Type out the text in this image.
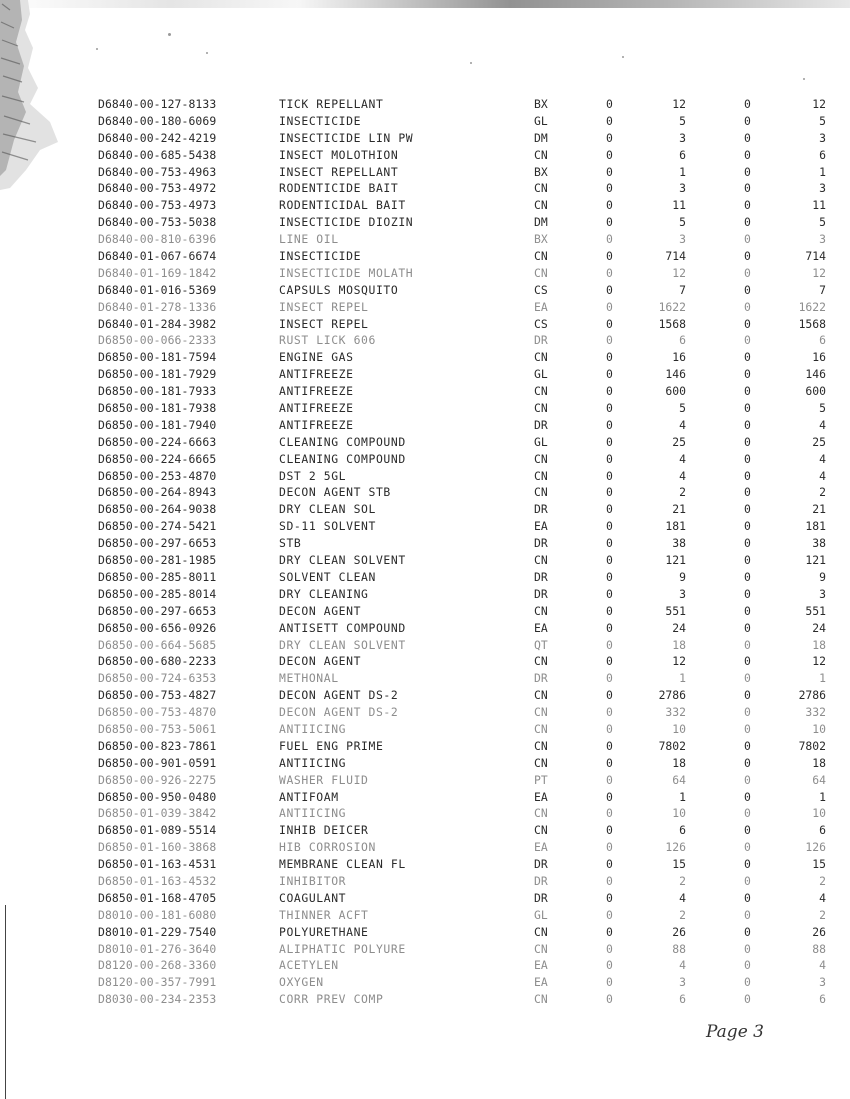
D6840-00-127-8133	TICK REPELLANT	BX	0	12	0	12
D6840-00-180-6069	INSECTICIDE	GL	0	5	0	5
D6840-00-242-4219	INSECTICIDE LIN PW	DM	0	3	0	3
D6840-00-685-5438	INSECT MOLOTHION	CN	0	6	0	6
D6840-00-753-4963	INSECT REPELLANT	BX	0	1	0	1
D6840-00-753-4972	RODENTICIDE BAIT	CN	0	3	0	3
D6840-00-753-4973	RODENTICIDAL BAIT	CN	0	11	0	11
D6840-00-753-5038	INSECTICIDE DIOZIN	DM	0	5	0	5
D6840-00-810-6396	LINE OIL	BX	0	3	0	3
D6840-01-067-6674	INSECTICIDE	CN	0	714	0	714
D6840-01-169-1842	INSECTICIDE MOLATH	CN	0	12	0	12
D6840-01-016-5369	CAPSULS MOSQUITO	CS	0	7	0	7
D6840-01-278-1336	INSECT REPEL	EA	0	1622	0	1622
D6840-01-284-3982	INSECT REPEL	CS	0	1568	0	1568
D6850-00-066-2333	RUST LICK 606	DR	0	6	0	6
D6850-00-181-7594	ENGINE GAS	CN	0	16	0	16
D6850-00-181-7929	ANTIFREEZE	GL	0	146	0	146
D6850-00-181-7933	ANTIFREEZE	CN	0	600	0	600
D6850-00-181-7938	ANTIFREEZE	CN	0	5	0	5
D6850-00-181-7940	ANTIFREEZE	DR	0	4	0	4
D6850-00-224-6663	CLEANING COMPOUND	GL	0	25	0	25
D6850-00-224-6665	CLEANING COMPOUND	CN	0	4	0	4
D6850-00-253-4870	DST 2 5GL	CN	0	4	0	4
D6850-00-264-8943	DECON AGENT STB	CN	0	2	0	2
D6850-00-264-9038	DRY CLEAN SOL	DR	0	21	0	21
D6850-00-274-5421	SD-11 SOLVENT	EA	0	181	0	181
D6850-00-297-6653	STB	DR	0	38	0	38
D6850-00-281-1985	DRY CLEAN SOLVENT	CN	0	121	0	121
D6850-00-285-8011	SOLVENT CLEAN	DR	0	9	0	9
D6850-00-285-8014	DRY CLEANING	DR	0	3	0	3
D6850-00-297-6653	DECON AGENT	CN	0	551	0	551
D6850-00-656-0926	ANTISETT COMPOUND	EA	0	24	0	24
D6850-00-664-5685	DRY CLEAN SOLVENT	QT	0	18	0	18
D6850-00-680-2233	DECON AGENT	CN	0	12	0	12
D6850-00-724-6353	METHONAL	DR	0	1	0	1
D6850-00-753-4827	DECON AGENT DS-2	CN	0	2786	0	2786
D6850-00-753-4870	DECON AGENT DS-2	CN	0	332	0	332
D6850-00-753-5061	ANTIICING	CN	0	10	0	10
D6850-00-823-7861	FUEL ENG PRIME	CN	0	7802	0	7802
D6850-00-901-0591	ANTIICING	CN	0	18	0	18
D6850-00-926-2275	WASHER FLUID	PT	0	64	0	64
D6850-00-950-0480	ANTIFOAM	EA	0	1	0	1
D6850-01-039-3842	ANTIICING	CN	0	10	0	10
D6850-01-089-5514	INHIB DEICER	CN	0	6	0	6
D6850-01-160-3868	HIB CORROSION	EA	0	126	0	126
D6850-01-163-4531	MEMBRANE CLEAN FL	DR	0	15	0	15
D6850-01-163-4532	INHIBITOR	DR	0	2	0	2
D6850-01-168-4705	COAGULANT	DR	0	4	0	4
D8010-00-181-6080	THINNER ACFT	GL	0	2	0	2
D8010-01-229-7540	POLYURETHANE	CN	0	26	0	26
D8010-01-276-3640	ALIPHATIC POLYURE	CN	0	88	0	88
D8120-00-268-3360	ACETYLEN	EA	0	4	0	4
D8120-00-357-7991	OXYGEN	EA	0	3	0	3
D8030-00-234-2353	CORR PREV COMP	CN	0	6	0	6
Page 3
